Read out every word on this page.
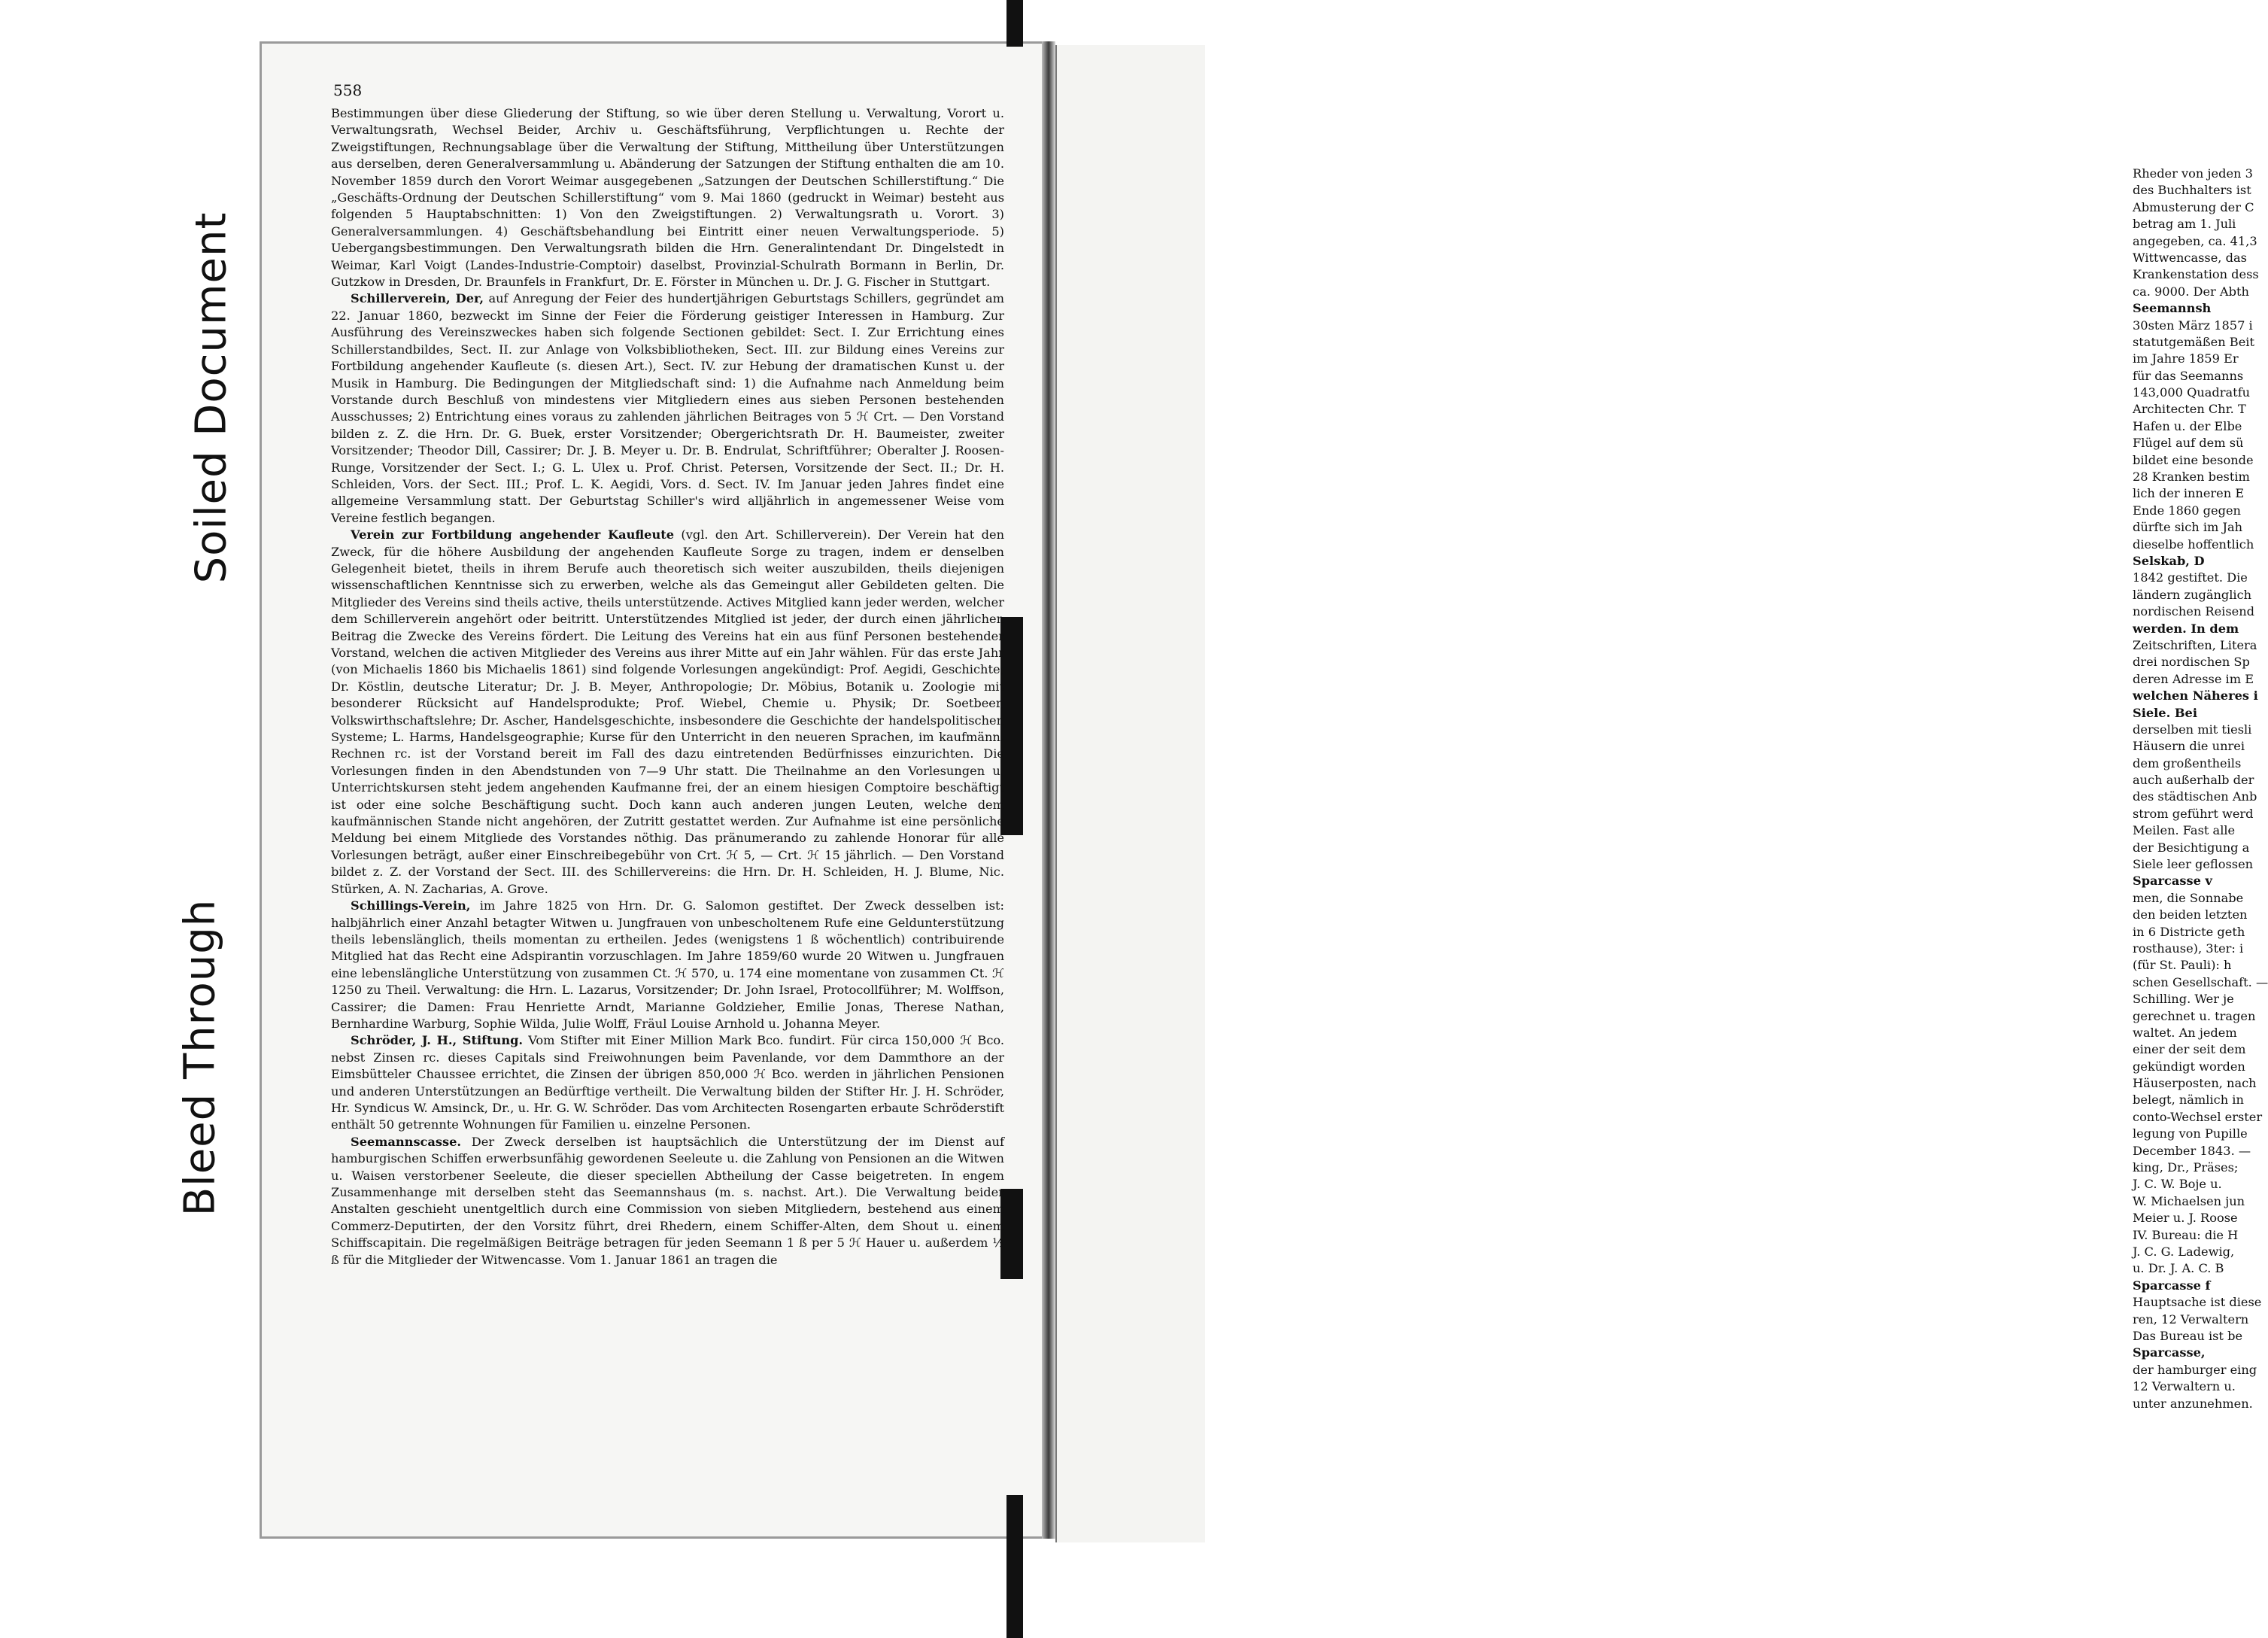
Rheder von jeden 3
des Buchhalters ist
Abmusterung der C
betrag am 1. Juli
angegeben, ca. 41,3
Wittwencasse, das
Krankenstation dess
ca. 9000. Der Abth
Seemannsh
30sten März 1857 i
statutgemäßen Beit
im Jahre 1859 Er
für das Seemanns
143,000 Quadratfu
Architecten Chr. T
Hafen u. der Elbe
Flügel auf dem sü
bildet eine besonde
28 Kranken bestim
lich der inneren E
Ende 1860 gegen
dürfte sich im Jah
dieselbe hoffentlich
Selskab, D
1842 gestiftet. Die
ländern zugänglich
nordischen Reisend
werden. In dem
Zeitschriften, Litera
drei nordischen Sp
deren Adresse im E
welchen Näheres i
Siele. Bei
derselben mit tiesli
Häusern die unrei
dem großentheils
auch außerhalb der
des städtischen Anb
strom geführt werd
Meilen. Fast alle
der Besichtigung a
Siele leer geflossen
Sparcasse v
men, die Sonnabe
den beiden letzten
in 6 Districte geth
rosthause), 3ter: i
(für St. Pauli): h
schen Gesellschaft. —
Schilling. Wer je
gerechnet u. tragen
waltet. An jedem
einer der seit dem
gekündigt worden
Häuserposten, nach
belegt, nämlich in
conto-Wechsel erster
legung von Pupille
December 1843. —
king, Dr., Präses;
J. C. W. Boje u.
W. Michaelsen jun
Meier u. J. Roose
IV. Bureau: die H
J. C. G. Ladewig,
u. Dr. J. A. C. B
Sparcasse f
Hauptsache ist diese
ren, 12 Verwaltern
Das Bureau ist be
Sparcasse,
der hamburger eing
12 Verwaltern u.
unter anzunehmen.
Soiled Document
Bleed Through
558

Bestimmungen über diese Gliederung der Stiftung, so wie über deren Stellung u. Verwaltung, Vorort u. Verwaltungsrath, Wechsel Beider, Archiv u. Geschäftsführung, Verpflichtungen u. Rechte der Zweigstiftungen, Rechnungsablage über die Verwaltung der Stiftung, Mittheilung über Unterstützungen aus derselben, deren Generalversammlung u. Abänderung der Satzungen der Stiftung enthalten die am 10. November 1859 durch den Vorort Weimar ausgegebenen „Satzungen der Deutschen Schillerstiftung.“ Die „Geschäfts-Ordnung der Deutschen Schillerstiftung“ vom 9. Mai 1860 (gedruckt in Weimar) besteht aus folgenden 5 Hauptabschnitten: 1) Von den Zweigstiftungen. 2) Verwaltungsrath u. Vorort. 3) Generalversammlungen. 4) Geschäftsbehandlung bei Eintritt einer neuen Verwaltungsperiode. 5) Uebergangsbestimmungen. Den Verwaltungsrath bilden die Hrn. Generalintendant Dr. Dingelstedt in Weimar, Karl Voigt (Landes-Industrie-Comptoir) daselbst, Provinzial-Schulrath Bormann in Berlin, Dr. Gutzkow in Dresden, Dr. Braunfels in Frankfurt, Dr. E. Förster in München u. Dr. J. G. Fischer in Stuttgart.

Schillerverein, Der, auf Anregung der Feier des hundertjährigen Geburtstags Schillers, gegründet am 22. Januar 1860, bezweckt im Sinne der Feier die Förderung geistiger Interessen in Hamburg. Zur Ausführung des Vereinszweckes haben sich folgende Sectionen gebildet: Sect. I. Zur Errichtung eines Schillerstandbildes, Sect. II. zur Anlage von Volksbibliotheken, Sect. III. zur Bildung eines Vereins zur Fortbildung angehender Kaufleute (s. diesen Art.), Sect. IV. zur Hebung der dramatischen Kunst u. der Musik in Hamburg. Die Bedingungen der Mitgliedschaft sind: 1) die Aufnahme nach Anmeldung beim Vorstande durch Beschluß von mindestens vier Mitgliedern eines aus sieben Personen bestehenden Ausschusses; 2) Entrichtung eines voraus zu zahlenden jährlichen Beitrages von 5 ℋ Crt. — Den Vorstand bilden z. Z. die Hrn. Dr. G. Buek, erster Vorsitzender; Obergerichtsrath Dr. H. Baumeister, zweiter Vorsitzender; Theodor Dill, Cassirer; Dr. J. B. Meyer u. Dr. B. Endrulat, Schriftführer; Oberalter J. Roosen-Runge, Vorsitzender der Sect. I.; G. L. Ulex u. Prof. Christ. Petersen, Vorsitzende der Sect. II.; Dr. H. Schleiden, Vors. der Sect. III.; Prof. L. K. Aegidi, Vors. d. Sect. IV. Im Januar jeden Jahres findet eine allgemeine Versammlung statt. Der Geburtstag Schiller's wird alljährlich in angemessener Weise vom Vereine festlich begangen.

Verein zur Fortbildung angehender Kaufleute (vgl. den Art. Schillerverein). Der Verein hat den Zweck, für die höhere Ausbildung der angehenden Kaufleute Sorge zu tragen, indem er denselben Gelegenheit bietet, theils in ihrem Berufe auch theoretisch sich weiter auszubilden, theils diejenigen wissenschaftlichen Kenntnisse sich zu erwerben, welche als das Gemeingut aller Gebildeten gelten. Die Mitglieder des Vereins sind theils active, theils unterstützende. Actives Mitglied kann jeder werden, welcher dem Schillerverein angehört oder beitritt. Unterstützendes Mitglied ist jeder, der durch einen jährlichen Beitrag die Zwecke des Vereins fördert. Die Leitung des Vereins hat ein aus fünf Personen bestehender Vorstand, welchen die activen Mitglieder des Vereins aus ihrer Mitte auf ein Jahr wählen. Für das erste Jahr (von Michaelis 1860 bis Michaelis 1861) sind folgende Vorlesungen angekündigt: Prof. Aegidi, Geschichte; Dr. Köstlin, deutsche Literatur; Dr. J. B. Meyer, Anthropologie; Dr. Möbius, Botanik u. Zoologie mit besonderer Rücksicht auf Handelsprodukte; Prof. Wiebel, Chemie u. Physik; Dr. Soetbeer, Volkswirthschaftslehre; Dr. Ascher, Handelsgeschichte, insbesondere die Geschichte der handelspolitischen Systeme; L. Harms, Handelsgeographie; Kurse für den Unterricht in den neueren Sprachen, im kaufmänn. Rechnen rc. ist der Vorstand bereit im Fall des dazu eintretenden Bedürfnisses einzurichten. Die Vorlesungen finden in den Abendstunden von 7—9 Uhr statt. Die Theilnahme an den Vorlesungen u. Unterrichtskursen steht jedem angehenden Kaufmanne frei, der an einem hiesigen Comptoire beschäftigt ist oder eine solche Beschäftigung sucht. Doch kann auch anderen jungen Leuten, welche dem kaufmännischen Stande nicht angehören, der Zutritt gestattet werden. Zur Aufnahme ist eine persönliche Meldung bei einem Mitgliede des Vorstandes nöthig. Das pränumerando zu zahlende Honorar für alle Vorlesungen beträgt, außer einer Einschreibegebühr von Crt. ℋ 5, — Crt. ℋ 15 jährlich. — Den Vorstand bildet z. Z. der Vorstand der Sect. III. des Schillervereins: die Hrn. Dr. H. Schleiden, H. J. Blume, Nic. Stürken, A. N. Zacharias, A. Grove.

Schillings-Verein, im Jahre 1825 von Hrn. Dr. G. Salomon gestiftet. Der Zweck desselben ist: halbjährlich einer Anzahl betagter Witwen u. Jungfrauen von unbescholtenem Rufe eine Geldunterstützung theils lebenslänglich, theils momentan zu ertheilen. Jedes (wenigstens 1 ß wöchentlich) contribuirende Mitglied hat das Recht eine Adspirantin vorzuschlagen. Im Jahre 1859/60 wurde 20 Witwen u. Jungfrauen eine lebenslängliche Unterstützung von zusammen Ct. ℋ 570, u. 174 eine momentane von zusammen Ct. ℋ 1250 zu Theil. Verwaltung: die Hrn. L. Lazarus, Vorsitzender; Dr. John Israel, Protocollführer; M. Wolffson, Cassirer; die Damen: Frau Henriette Arndt, Marianne Goldzieher, Emilie Jonas, Therese Nathan, Bernhardine Warburg, Sophie Wilda, Julie Wolff, Fräul Louise Arnhold u. Johanna Meyer.

Schröder, J. H., Stiftung. Vom Stifter mit Einer Million Mark Bco. fundirt. Für circa 150,000 ℋ Bco. nebst Zinsen rc. dieses Capitals sind Freiwohnungen beim Pavenlande, vor dem Dammthore an der Eimsbütteler Chaussee errichtet, die Zinsen der übrigen 850,000 ℋ Bco. werden in jährlichen Pensionen und anderen Unterstützungen an Bedürftige vertheilt. Die Verwaltung bilden der Stifter Hr. J. H. Schröder, Hr. Syndicus W. Amsinck, Dr., u. Hr. G. W. Schröder. Das vom Architecten Rosengarten erbaute Schröderstift enthält 50 getrennte Wohnungen für Familien u. einzelne Personen.

Seemannscasse. Der Zweck derselben ist hauptsächlich die Unterstützung der im Dienst auf hamburgischen Schiffen erwerbsunfähig gewordenen Seeleute u. die Zahlung von Pensionen an die Witwen u. Waisen verstorbener Seeleute, die dieser speciellen Abtheilung der Casse beigetreten. In engem Zusammenhange mit derselben steht das Seemannshaus (m. s. nachst. Art.). Die Verwaltung beider Anstalten geschieht unentgeltlich durch eine Commission von sieben Mitgliedern, bestehend aus einem Commerz-Deputirten, der den Vorsitz führt, drei Rhedern, einem Schiffer-Alten, dem Shout u. einem Schiffscapitain. Die regelmäßigen Beiträge betragen für jeden Seemann 1 ß per 5 ℋ Hauer u. außerdem ½ ß für die Mitglieder der Witwencasse. Vom 1. Januar 1861 an tragen die
